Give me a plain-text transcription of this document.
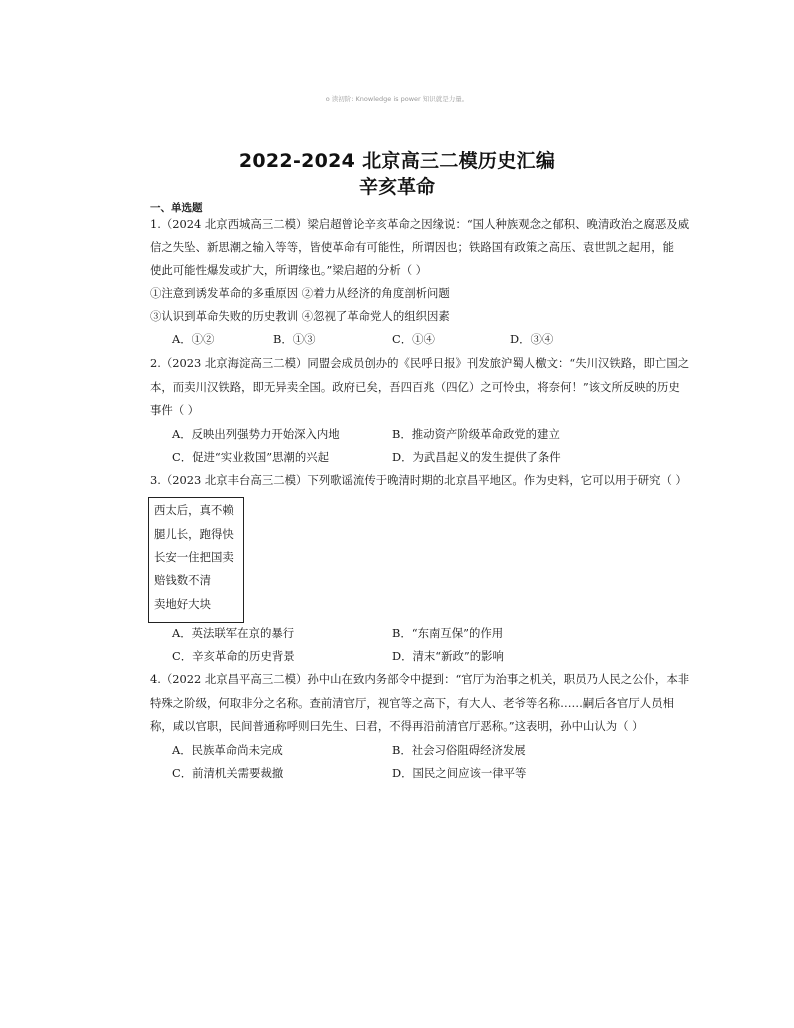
o 读初阶: Knowledge is power 知识就是力量。
2022-2024 北京高三二模历史汇编
辛亥革命
一、单选题
1.（2024 北京西城高三二模）梁启超曾论辛亥革命之因缘说：“国人种族观念之郁积、晚清政治之腐恶及威
信之失坠、新思潮之输入等等，皆使革命有可能性，所谓因也；铁路国有政策之高压、袁世凯之起用，能
使此可能性爆发或扩大，所谓缘也。”梁启超的分析（ ）
①注意到诱发革命的多重原因 ②着力从经济的角度剖析问题
③认识到革命失败的历史教训 ④忽视了革命党人的组织因素
A．①②	B．①③	C．①④	D．③④
2.（2023 北京海淀高三二模）同盟会成员创办的《民呼日报》刊发旅沪蜀人檄文：“失川汉铁路，即亡国之
本，而卖川汉铁路，即无异卖全国。政府已矣，吾四百兆（四亿）之可怜虫，将奈何！”该文所反映的历史
事件（ ）
A．反映出列强势力开始深入内地	B．推动资产阶级革命政党的建立
C．促进“实业救国”思潮的兴起	D．为武昌起义的发生提供了条件
3.（2023 北京丰台高三二模）下列歌谣流传于晚清时期的北京昌平地区。作为史料，它可以用于研究（ ）
西太后，真不赖
腿儿长，跑得快
长安一住把国卖
赔钱数不清
卖地好大块
A．英法联军在京的暴行	B．“东南互保”的作用
C．辛亥革命的历史背景	D．清末“新政”的影响
4.（2022 北京昌平高三二模）孙中山在致内务部令中提到：“官厅为治事之机关，职员乃人民之公仆，本非
特殊之阶级，何取非分之名称。查前清官厅，视官等之高下，有大人、老爷等名称……嗣后各官厅人员相
称，咸以官职，民间普通称呼则曰先生、曰君，不得再沿前清官厅恶称。”这表明，孙中山认为（ ）
A．民族革命尚未完成	B．社会习俗阻碍经济发展
C．前清机关需要裁撤	D．国民之间应该一律平等
